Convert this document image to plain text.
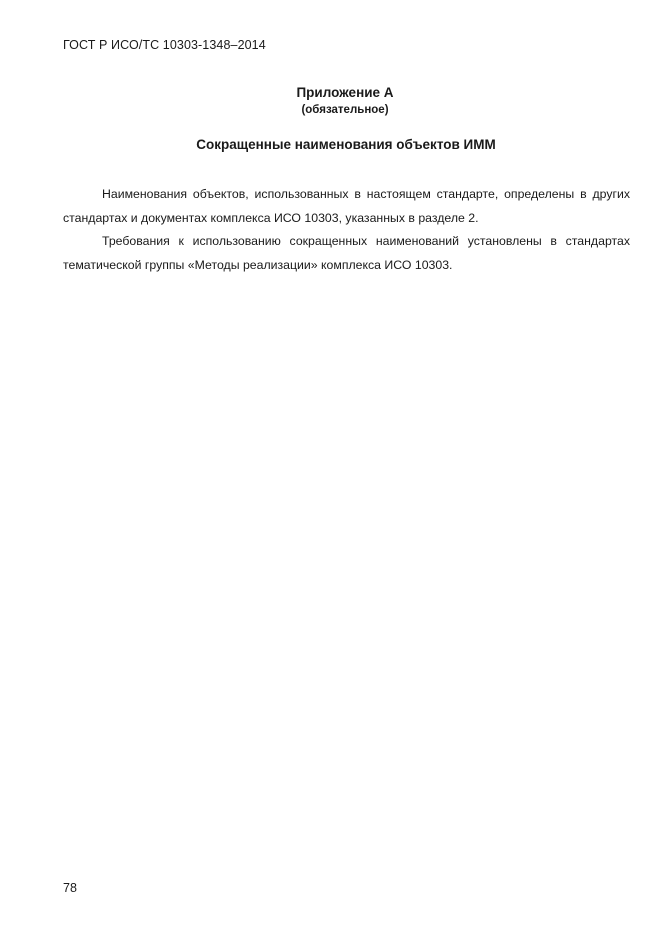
ГОСТ Р ИСО/ТС 10303-1348–2014
Приложение А
(обязательное)
Сокращенные наименования объектов ИММ

Наименования объектов, использованных в настоящем стандарте, определены в других стандартах и документах комплекса ИСО 10303, указанных в разделе 2.

Требования к использованию сокращенных наименований установлены в стандартах тематической группы «Методы реализации» комплекса ИСО 10303.

78
